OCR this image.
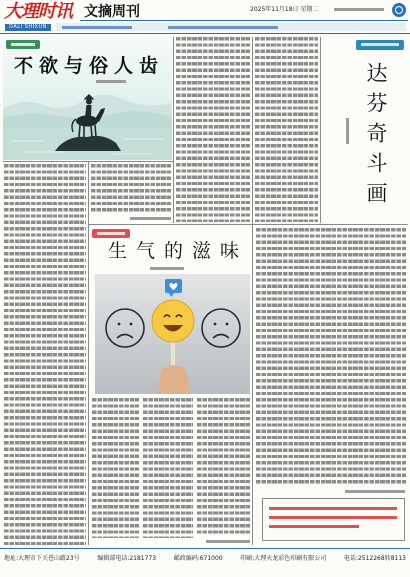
大理时讯
DALI SHIXUN
文摘周刊	2025年11月18日 星期二
不欲与俗人齿	达芬奇斗画
生气的滋味
地址:大理市下关苍山路23号	编辑部电话:2181773	邮政编码:671000	印刷:大理天龙彩色印刷有限公司	电话:2512268转8113
